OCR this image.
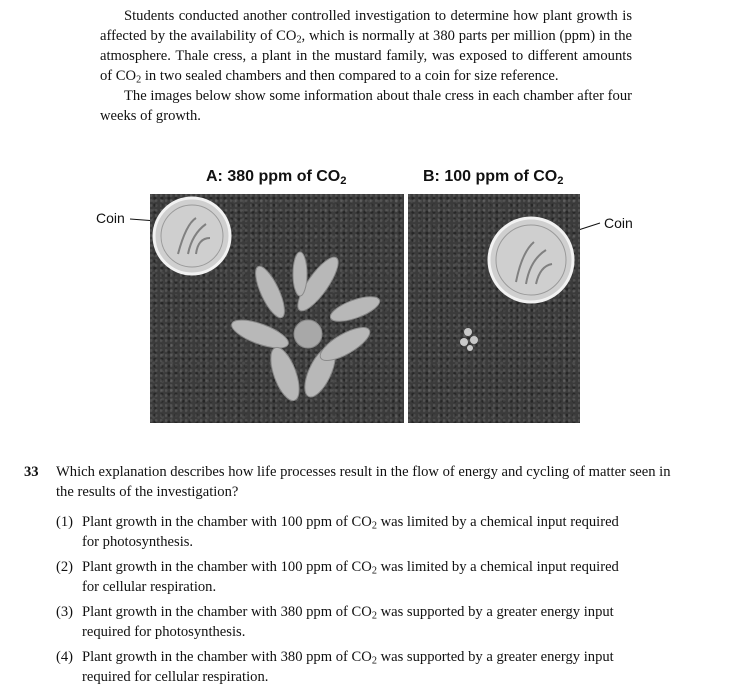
Students conducted another controlled investigation to determine how plant growth is affected by the availability of $CO_2$, which is normally at 380 parts per million (ppm) in the atmosphere. Thale cress, a plant in the mustard family, was exposed to different amounts of $CO_2$ in two sealed chambers and then compared to a coin for size reference.

The images below show some information about thale cress in each chamber after four weeks of growth.

A: 380 ppm of $CO_2$	B: 100 ppm of $CO_2$
Coin	Coin
33 Which explanation describes how life processes result in the flow of energy and cycling of matter seen in the results of the investigation?
(1) Plant growth in the chamber with 100 ppm of $CO_2$ was limited by a chemical input required for photosynthesis.
(2) Plant growth in the chamber with 100 ppm of $CO_2$ was limited by a chemical input required for cellular respiration.
(3) Plant growth in the chamber with 380 ppm of $CO_2$ was supported by a greater energy input required for photosynthesis.
(4) Plant growth in the chamber with 380 ppm of $CO_2$ was supported by a greater energy input required for cellular respiration.
